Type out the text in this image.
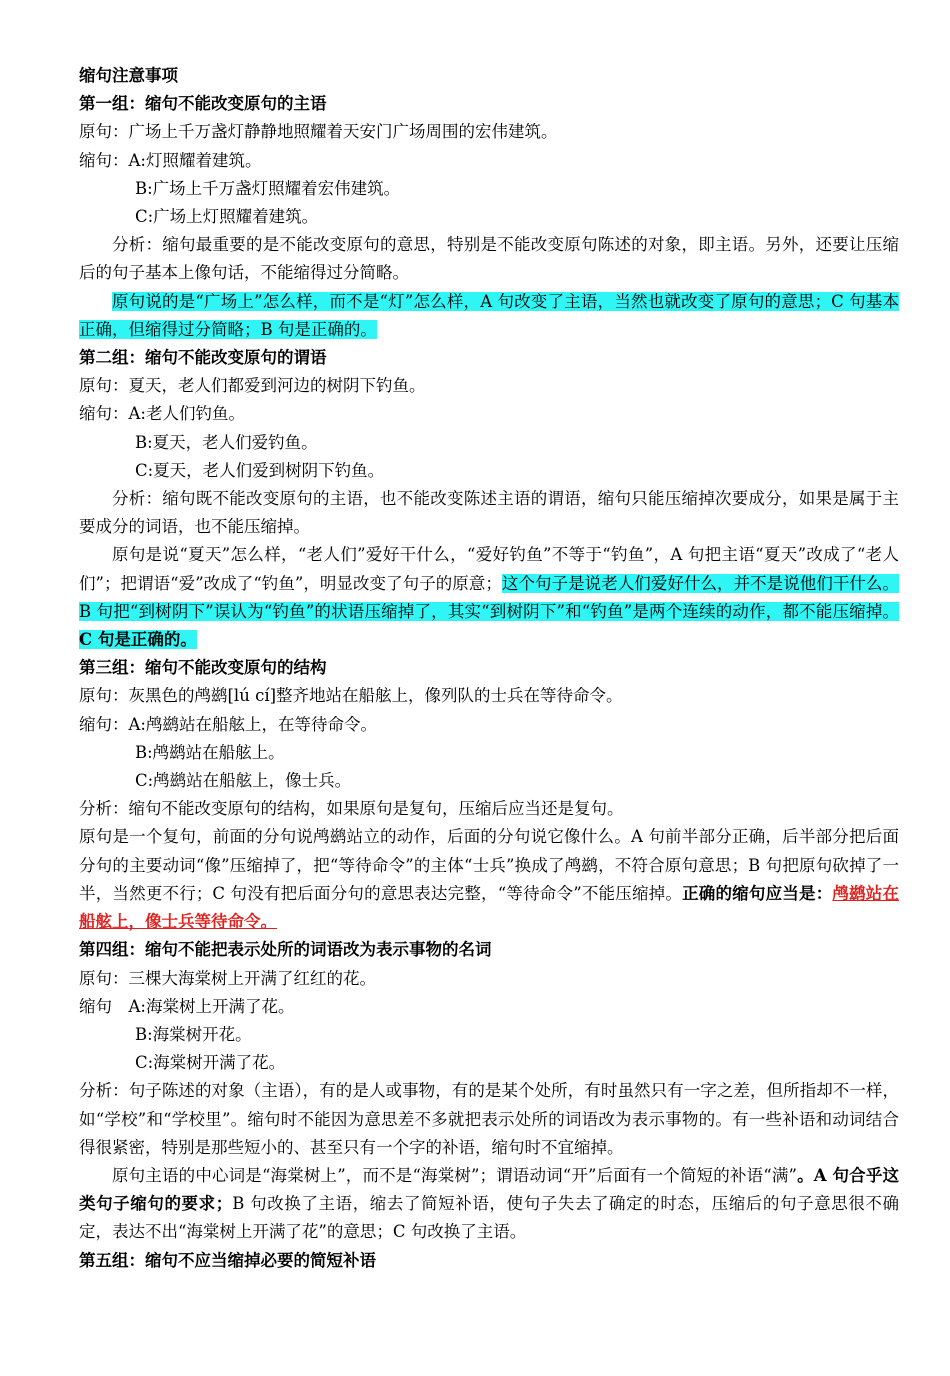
缩句注意事项

第一组：缩句不能改变原句的主语

原句：广场上千万盏灯静静地照耀着天安门广场周围的宏伟建筑。

缩句：A:灯照耀着建筑。

B:广场上千万盏灯照耀着宏伟建筑。

C:广场上灯照耀着建筑。

分析：缩句最重要的是不能改变原句的意思，特别是不能改变原句陈述的对象，即主语。另外，还要让压缩后的句子基本上像句话，不能缩得过分简略。

原句说的是“广场上”怎么样，而不是“灯”怎么样，A 句改变了主语，当然也就改变了原句的意思；C 句基本正确，但缩得过分简略；B 句是正确的。

第二组：缩句不能改变原句的谓语

原句：夏天，老人们都爱到河边的树阴下钓鱼。

缩句：A:老人们钓鱼。

B:夏天，老人们爱钓鱼。

C:夏天，老人们爱到树阴下钓鱼。

分析：缩句既不能改变原句的主语，也不能改变陈述主语的谓语，缩句只能压缩掉次要成分，如果是属于主要成分的词语，也不能压缩掉。

原句是说“夏天”怎么样，“老人们”爱好干什么，“爱好钓鱼”不等于“钓鱼”，A 句把主语“夏天”改成了“老人们”；把谓语“爱”改成了“钓鱼”，明显改变了句子的原意；这个句子是说老人们爱好什么，并不是说他们干什么。B 句把“到树阴下”误认为“钓鱼”的状语压缩掉了，其实“到树阴下”和“钓鱼”是两个连续的动作，都不能压缩掉。C 句是正确的。

第三组：缩句不能改变原句的结构

原句：灰黑色的鸬鹚[lú cí]整齐地站在船舷上，像列队的士兵在等待命令。

缩句：A:鸬鹚站在船舷上，在等待命令。

B:鸬鹚站在船舷上。

C:鸬鹚站在船舷上，像士兵。

分析：缩句不能改变原句的结构，如果原句是复句，压缩后应当还是复句。

原句是一个复句，前面的分句说鸬鹚站立的动作，后面的分句说它像什么。A 句前半部分正确，后半部分把后面分句的主要动词“像”压缩掉了，把“等待命令”的主体“士兵”换成了鸬鹚，不符合原句意思；B 句把原句砍掉了一半，当然更不行；C 句没有把后面分句的意思表达完整，“等待命令”不能压缩掉。正确的缩句应当是：鸬鹚站在船舷上，像士兵等待命令。

第四组：缩句不能把表示处所的词语改为表示事物的名词

原句：三棵大海棠树上开满了红红的花。

缩句　A:海棠树上开满了花。

B:海棠树开花。

C:海棠树开满了花。

分析：句子陈述的对象（主语），有的是人或事物，有的是某个处所，有时虽然只有一字之差，但所指却不一样，如“学校”和“学校里”。缩句时不能因为意思差不多就把表示处所的词语改为表示事物的。有一些补语和动词结合得很紧密，特别是那些短小的、甚至只有一个字的补语，缩句时不宜缩掉。

原句主语的中心词是“海棠树上”，而不是“海棠树”；谓语动词“开”后面有一个简短的补语“满”。A 句合乎这类句子缩句的要求；B 句改换了主语，缩去了简短补语，使句子失去了确定的时态，压缩后的句子意思很不确定，表达不出“海棠树上开满了花”的意思；C 句改换了主语。

第五组：缩句不应当缩掉必要的简短补语
